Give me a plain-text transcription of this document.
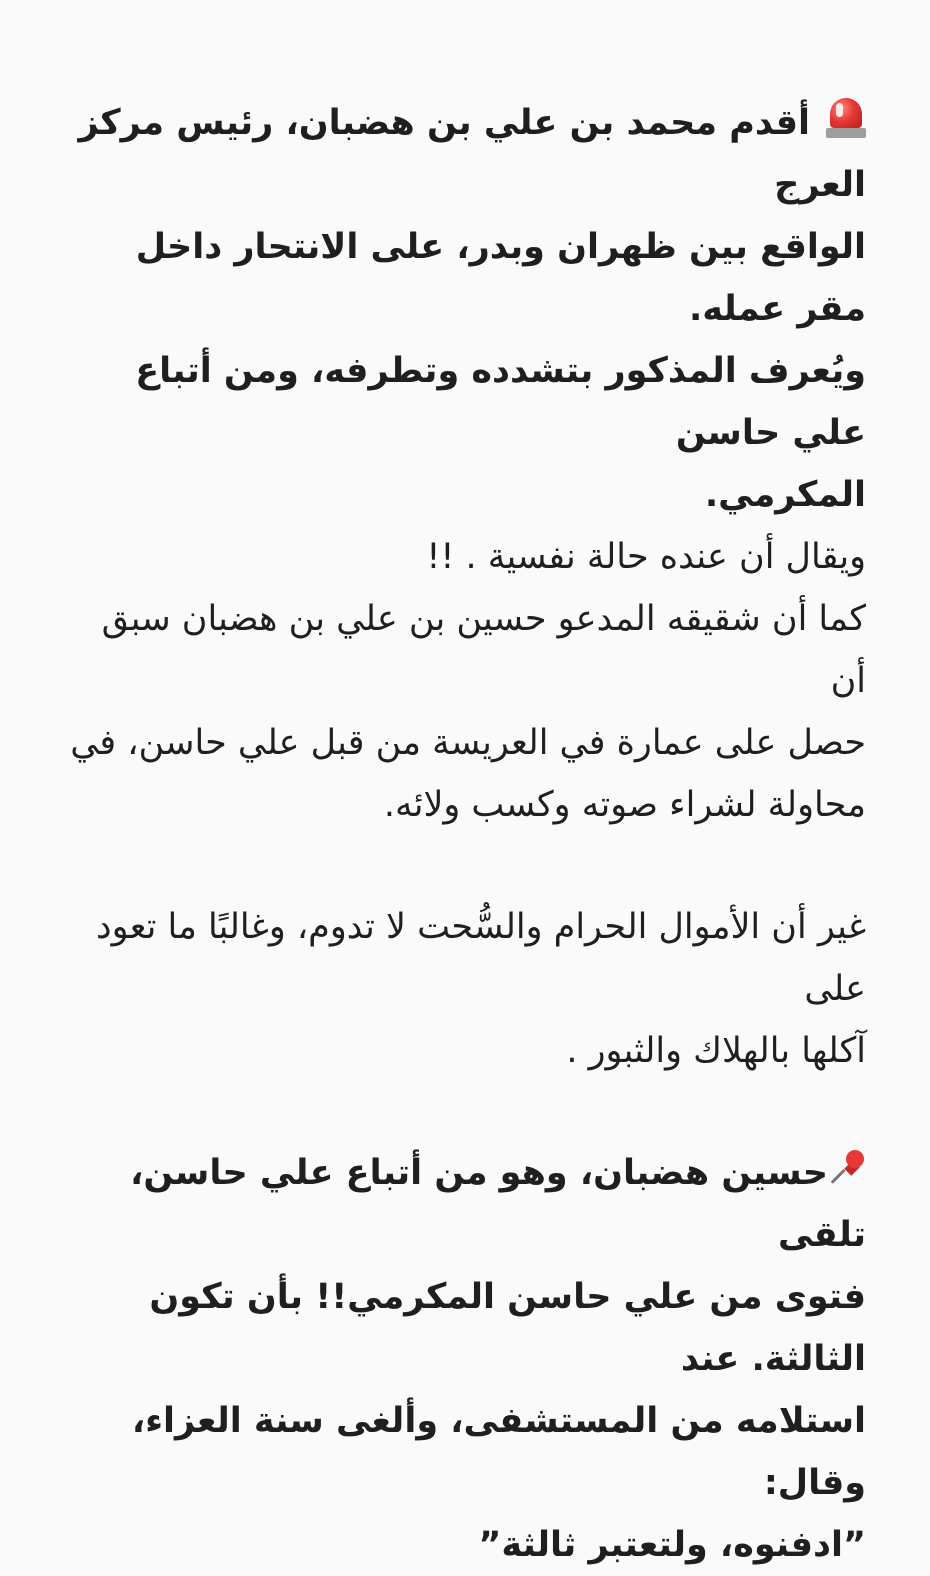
أقدم محمد بن علي بن هضبان، رئيس مركز العرج
الواقع بين ظهران وبدر، على الانتحار داخل مقر عمله.
ويُعرف المذكور بتشدده وتطرفه، ومن أتباع علي حاسن
المكرمي.

ويقال أن عنده حالة نفسية . !!
كما أن شقيقه المدعو حسين بن علي بن هضبان سبق أن
حصل على عمارة في العريسة من قبل علي حاسن، في
محاولة لشراء صوته وكسب ولائه.

غير أن الأموال الحرام والسُّحت لا تدوم، وغالبًا ما تعود على
آكلها بالهلاك والثبور .

حسين هضبان، وهو من أتباع علي حاسن، تلقى
فتوى من علي حاسن المكرمي!! بأن تكون الثالثة. عند
استلامه من المستشفى، وألغى سنة العزاء، وقال:
”ادفنوه، ولتعتبر ثالثة”
